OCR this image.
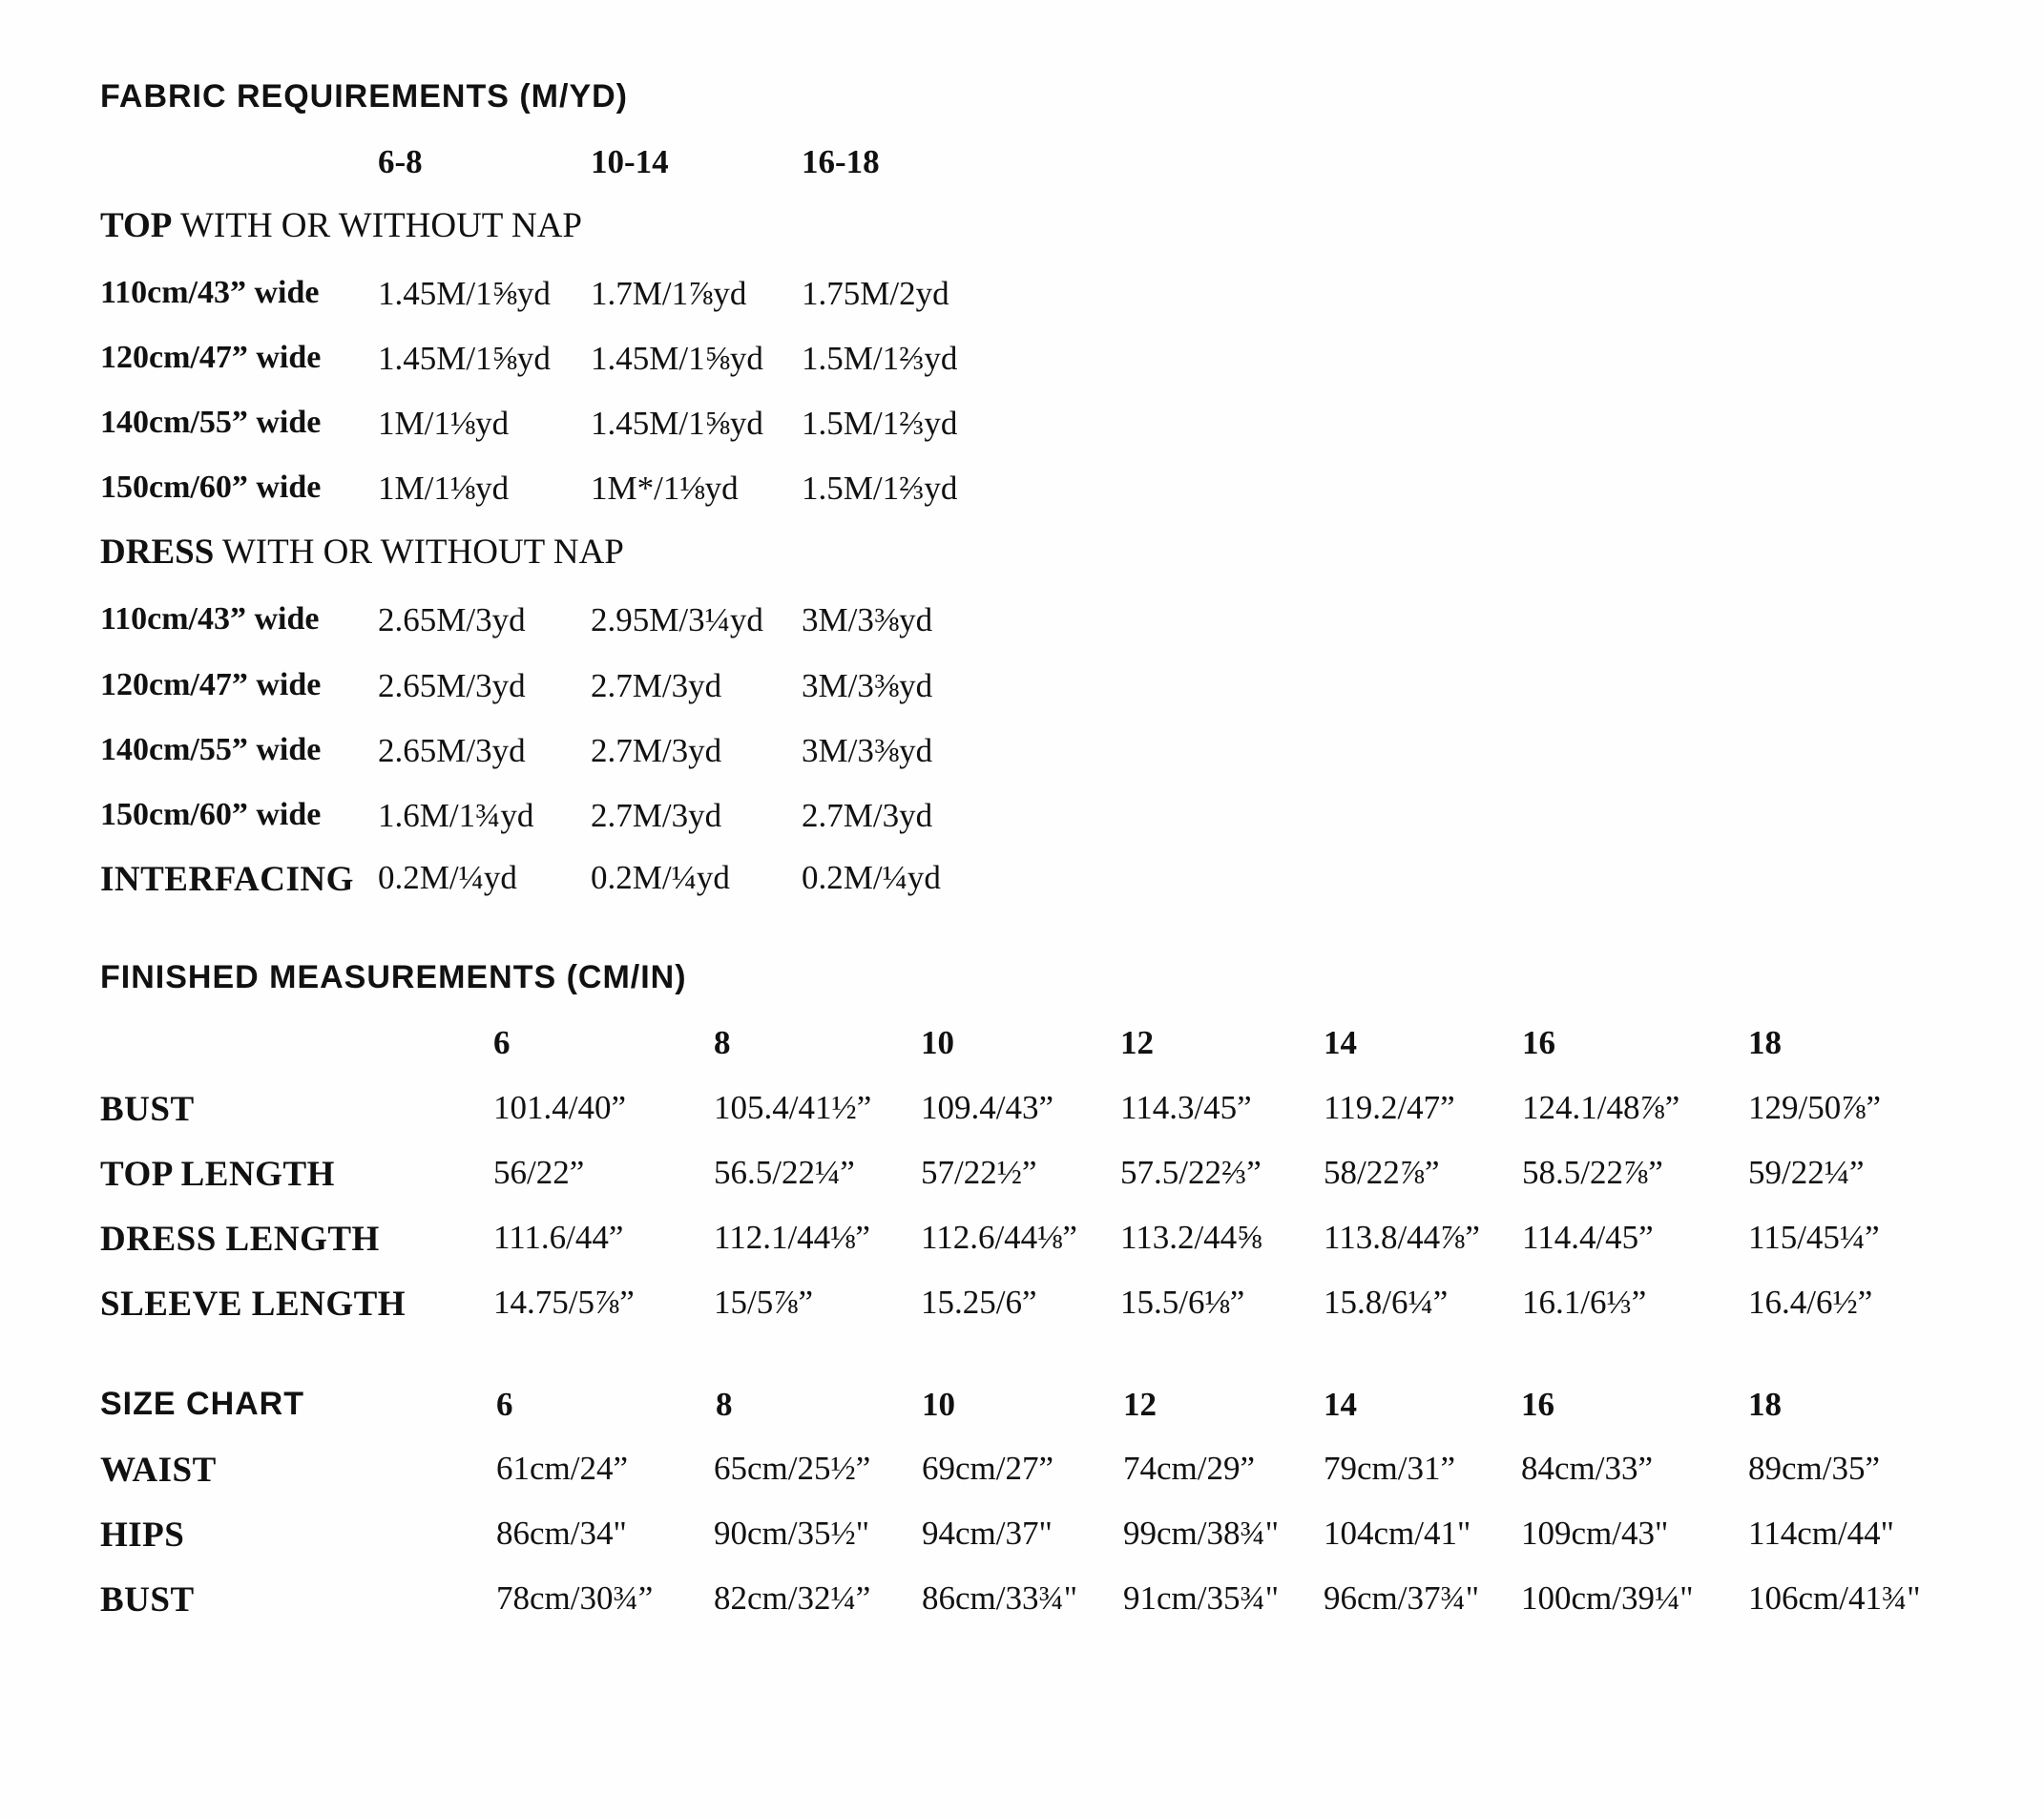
FABRIC REQUIREMENTS (M/YD)
6-8	10-14	16-18
TOP WITH OR WITHOUT NAP
110cm/43” wide 1.45M/1⅝yd 1.7M/1⅞yd 1.75M/2yd
120cm/47” wide 1.45M/1⅝yd 1.45M/1⅝yd 1.5M/1⅔yd
140cm/55” wide 1M/1⅛yd 1.45M/1⅝yd 1.5M/1⅔yd
150cm/60” wide 1M/1⅛yd 1M*/1⅛yd 1.5M/1⅔yd
DRESS WITH OR WITHOUT NAP
110cm/43” wide 2.65M/3yd 2.95M/3¼yd 3M/3⅜yd
120cm/47” wide 2.65M/3yd 2.7M/3yd 3M/3⅜yd
140cm/55” wide 2.65M/3yd 2.7M/3yd 3M/3⅜yd
150cm/60” wide 1.6M/1¾yd 2.7M/3yd 2.7M/3yd
INTERFACING 0.2M/¼yd 0.2M/¼yd 0.2M/¼yd
FINISHED MEASUREMENTS (CM/IN)
6	8	10	12	14	16	18
BUST	101.4/40”	105.4/41½” 109.4/43” 114.3/45” 119.2/47” 124.1/48⅞” 129/50⅞”
TOP LENGTH	56/22”	56.5/22¼” 57/22½” 57.5/22⅔” 58/22⅞” 58.5/22⅞”	59/22¼”
DRESS LENGTH	111.6/44”	112.1/44⅛” 112.6/44⅛” 113.2/44⅝ 113.8/44⅞” 114.4/45”	115/45¼”
SLEEVE LENGTH	14.75/5⅞” 15/5⅞”	15.25/6” 15.5/6⅛” 15.8/6¼” 16.1/6⅓”	16.4/6½”
SIZE CHART	6	8	10	12	14	16	18
WAIST	61cm/24”	65cm/25½” 69cm/27” 74cm/29” 79cm/31” 84cm/33”	89cm/35”
HIPS	86cm/34"	90cm/35½" 94cm/37" 99cm/38¾" 104cm/41" 109cm/43" 114cm/44"
BUST	78cm/30¾” 82cm/32¼” 86cm/33¾" 91cm/35¾" 96cm/37¾" 100cm/39¼" 106cm/41¾"
